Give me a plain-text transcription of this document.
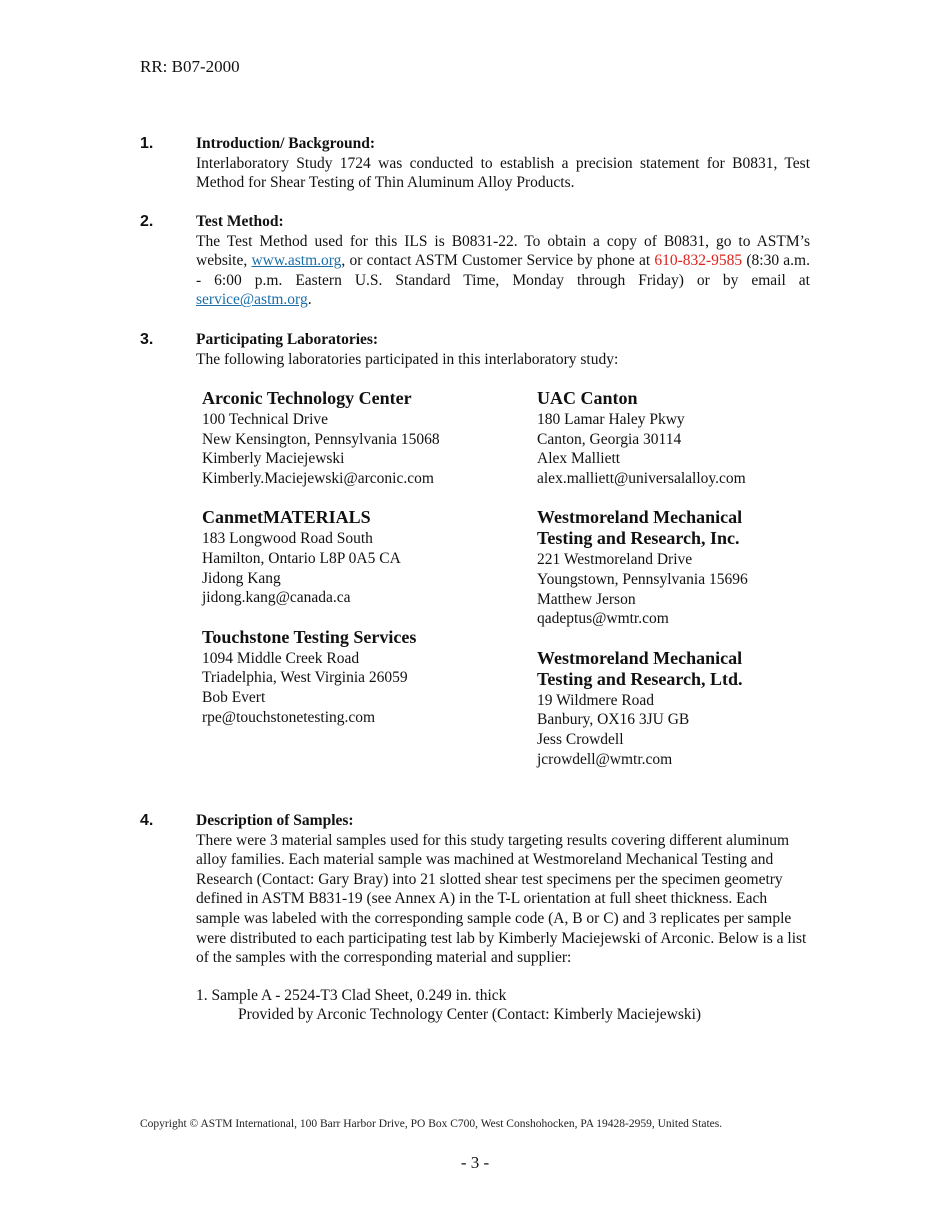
RR: B07-2000
1.	Introduction/ Background:
Interlaboratory Study 1724 was conducted to establish a precision statement for B0831, Test Method for Shear Testing of Thin Aluminum Alloy Products.
2.	Test Method:
The Test Method used for this ILS is B0831-22. To obtain a copy of B0831, go to ASTM’s website, www.astm.org, or contact ASTM Customer Service by phone at 610-832-9585 (8:30 a.m. - 6:00 p.m. Eastern U.S. Standard Time, Monday through Friday) or by email at service@astm.org.
3.	Participating Laboratories:
The following laboratories participated in this interlaboratory study:
Arconic Technology Center
100 Technical Drive
New Kensington, Pennsylvania 15068
Kimberly Maciejewski
Kimberly.Maciejewski@arconic.com
CanmetMATERIALS
183 Longwood Road South
Hamilton, Ontario L8P 0A5 CA
Jidong Kang
jidong.kang@canada.ca
Touchstone Testing Services
1094 Middle Creek Road
Triadelphia, West Virginia 26059
Bob Evert
rpe@touchstonetesting.com
UAC Canton
180 Lamar Haley Pkwy
Canton, Georgia 30114
Alex Malliett
alex.malliett@universalalloy.com
Westmoreland Mechanical
Testing and Research, Inc.
221 Westmoreland Drive
Youngstown, Pennsylvania 15696
Matthew Jerson
qadeptus@wmtr.com
Westmoreland Mechanical
Testing and Research, Ltd.
19 Wildmere Road
Banbury, OX16 3JU GB
Jess Crowdell
jcrowdell@wmtr.com
4.	Description of Samples:
There were 3 material samples used for this study targeting results covering different aluminum alloy families. Each material sample was machined at Westmoreland Mechanical Testing and Research (Contact: Gary Bray) into 21 slotted shear test specimens per the specimen geometry defined in ASTM B831-19 (see Annex A) in the T-L orientation at full sheet thickness. Each sample was labeled with the corresponding sample code (A, B or C) and 3 replicates per sample were distributed to each participating test lab by Kimberly Maciejewski of Arconic. Below is a list of the samples with the corresponding material and supplier:
1. Sample A - 2524-T3 Clad Sheet, 0.249 in. thick
Provided by Arconic Technology Center (Contact: Kimberly Maciejewski)
Copyright © ASTM International, 100 Barr Harbor Drive, PO Box C700, West Conshohocken, PA 19428-2959, United States.
- 3 -
